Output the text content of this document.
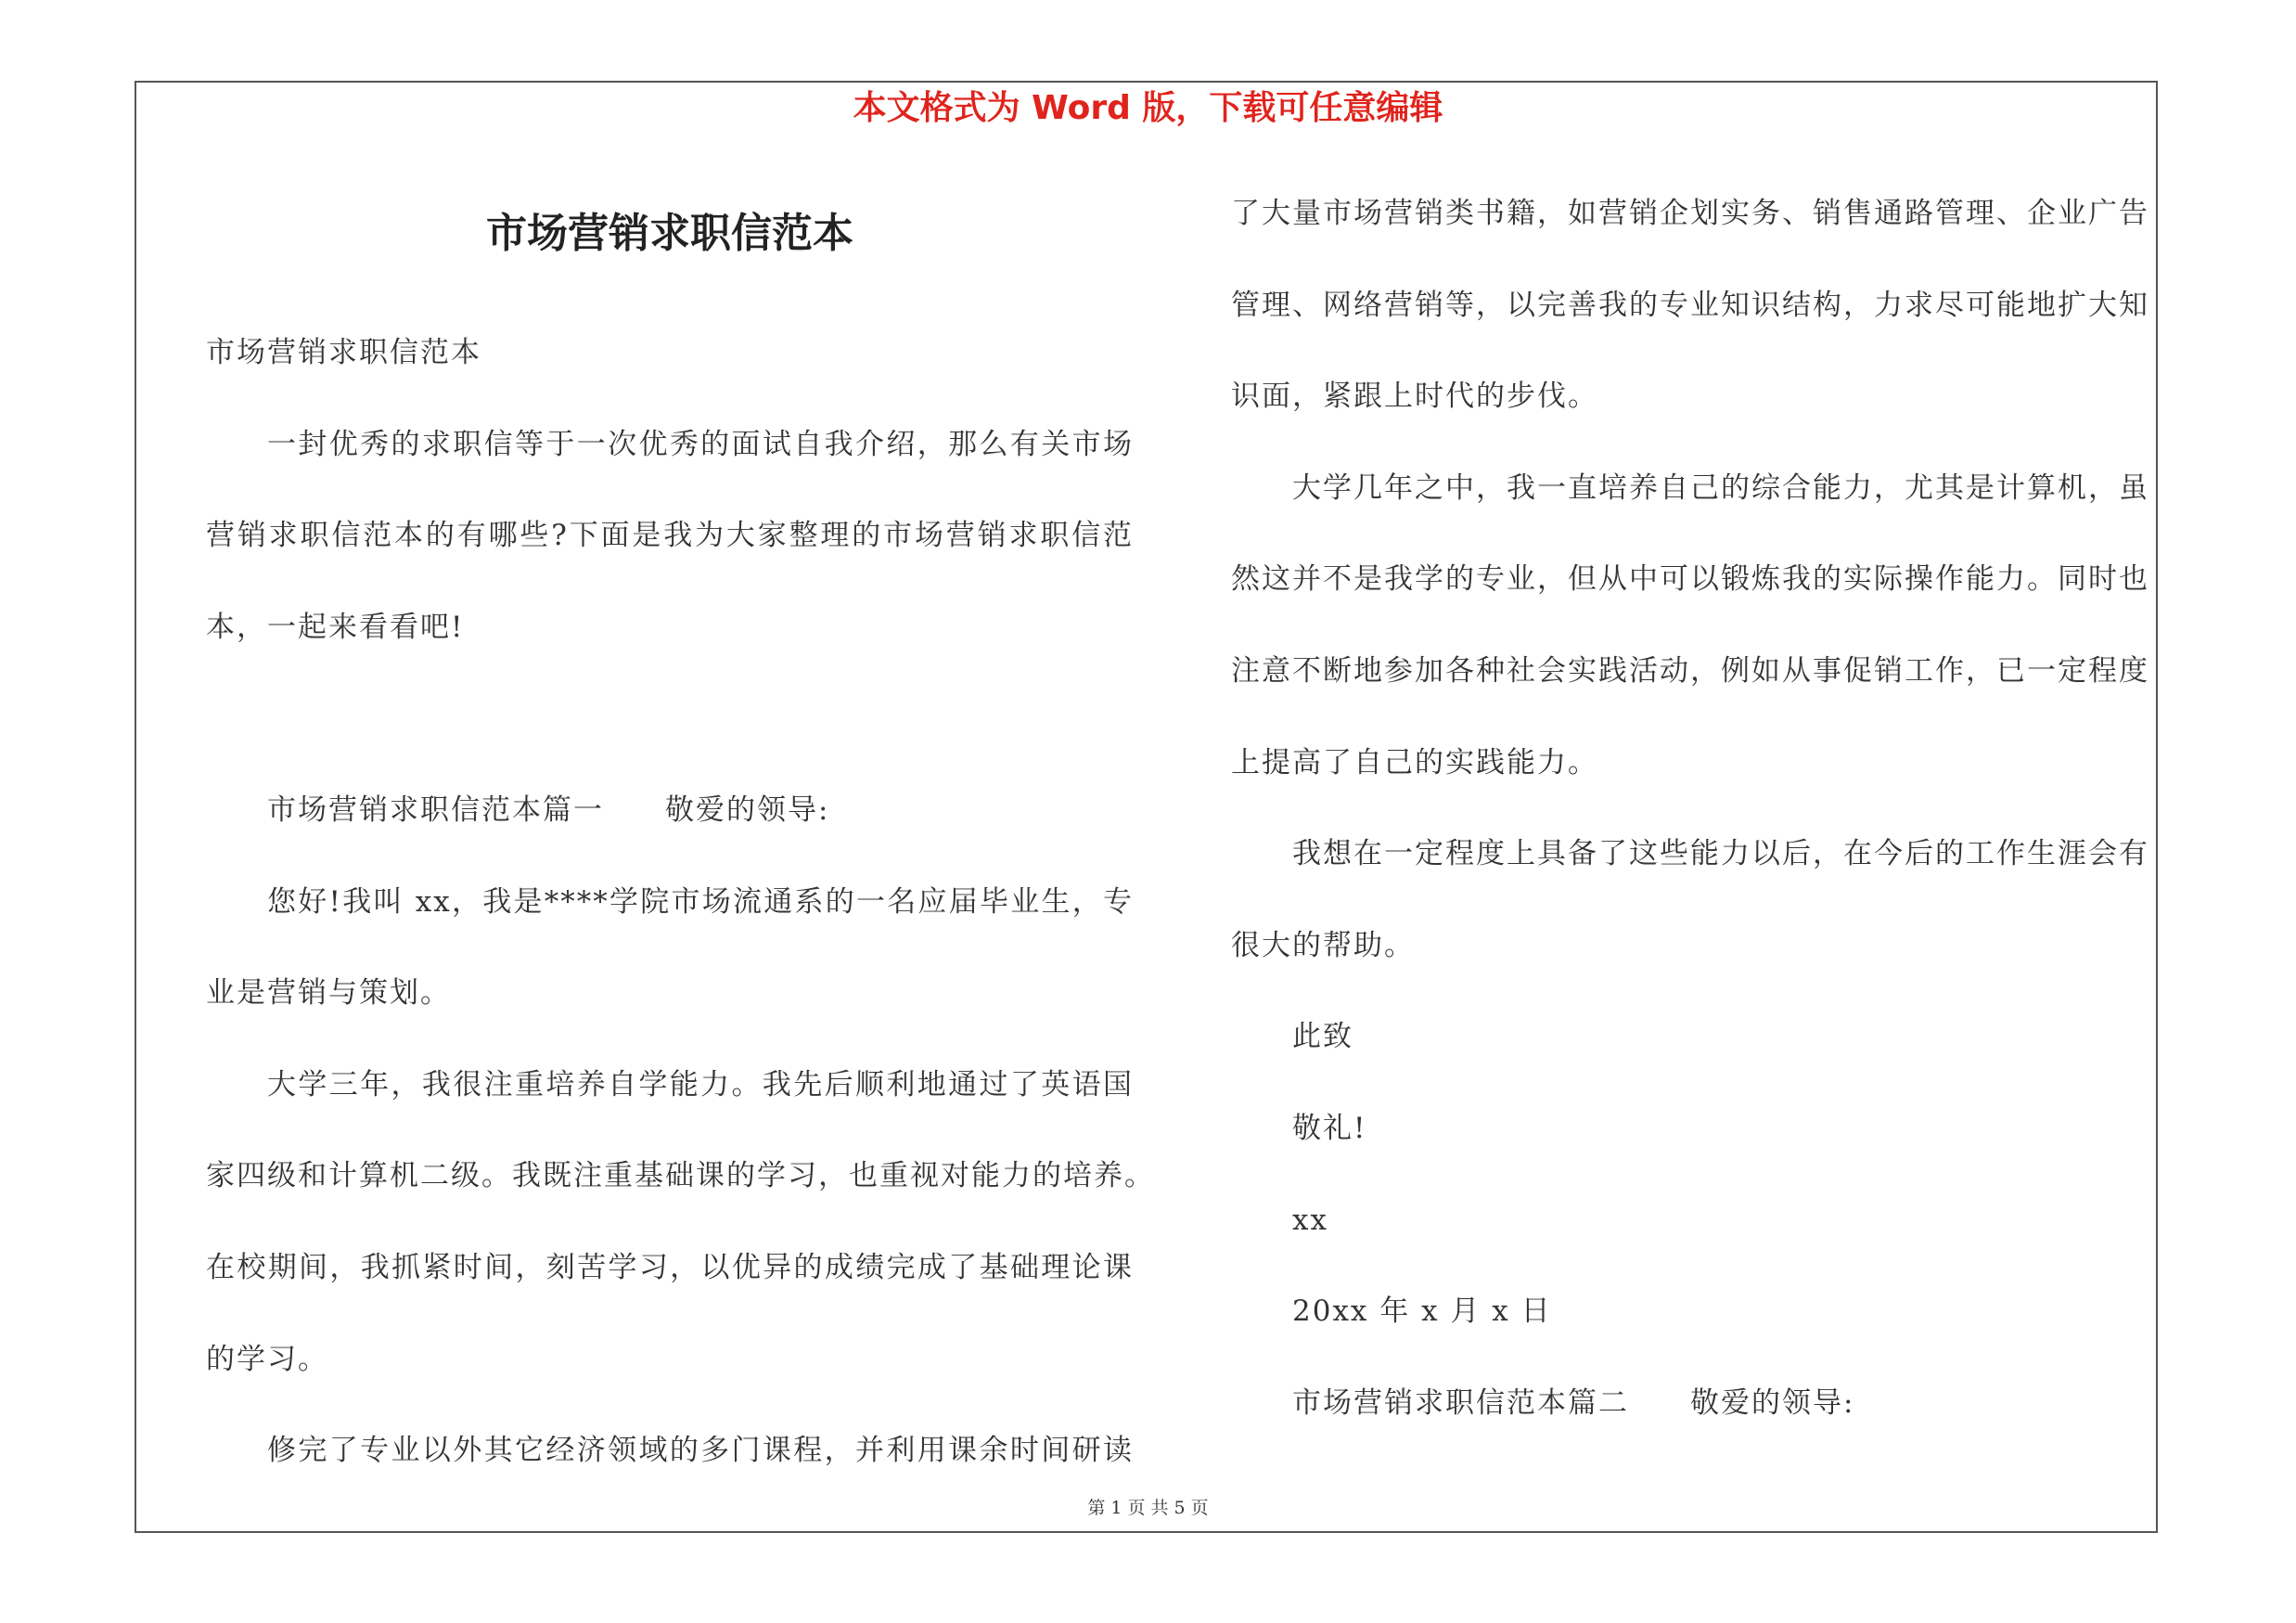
本文格式为 Word 版，下载可任意编辑
市场营销求职信范本
市场营销求职信范本
一封优秀的求职信等于一次优秀的面试自我介绍，那么有关市场
营销求职信范本的有哪些?下面是我为大家整理的市场营销求职信范
本，一起来看看吧!
市场营销求职信范本篇一　　敬爱的领导:
您好!我叫 xx，我是****学院市场流通系的一名应届毕业生，专
业是营销与策划。
大学三年，我很注重培养自学能力。我先后顺利地通过了英语国
家四级和计算机二级。我既注重基础课的学习，也重视对能力的培养。
在校期间，我抓紧时间，刻苦学习，以优异的成绩完成了基础理论课
的学习。
修完了专业以外其它经济领域的多门课程，并利用课余时间研读
了大量市场营销类书籍，如营销企划实务、销售通路管理、企业广告
管理、网络营销等，以完善我的专业知识结构，力求尽可能地扩大知
识面，紧跟上时代的步伐。
大学几年之中，我一直培养自己的综合能力，尤其是计算机，虽
然这并不是我学的专业，但从中可以锻炼我的实际操作能力。同时也
注意不断地参加各种社会实践活动，例如从事促销工作，已一定程度
上提高了自己的实践能力。
我想在一定程度上具备了这些能力以后，在今后的工作生涯会有
很大的帮助。
此致
敬礼!
xx
20xx 年 x 月 x 日
市场营销求职信范本篇二　　敬爱的领导:
第 1 页 共 5 页
